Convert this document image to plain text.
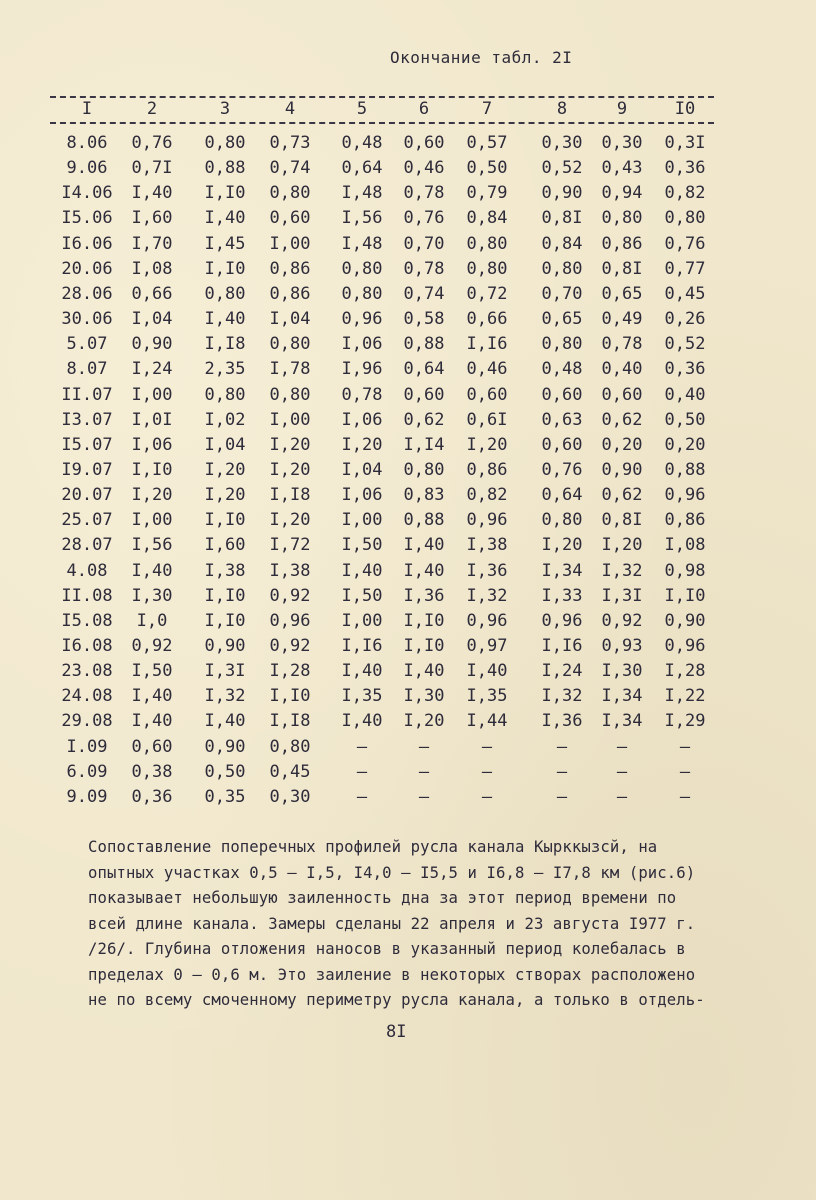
Окончание табл. 2I
I	2	3	4	5	6	7	8	9	I0
8.06	0,76	0,80	0,73	0,48	0,60	0,57	0,30	0,30	0,3I
9.06	0,7I	0,88	0,74	0,64	0,46	0,50	0,52	0,43	0,36
I4.06	I,40	I,I0	0,80	I,48	0,78	0,79	0,90	0,94	0,82
I5.06	I,60	I,40	0,60	I,56	0,76	0,84	0,8I	0,80	0,80
I6.06	I,70	I,45	I,00	I,48	0,70	0,80	0,84	0,86	0,76
20.06	I,08	I,I0	0,86	0,80	0,78	0,80	0,80	0,8I	0,77
28.06	0,66	0,80	0,86	0,80	0,74	0,72	0,70	0,65	0,45
30.06	I,04	I,40	I,04	0,96	0,58	0,66	0,65	0,49	0,26
5.07	0,90	I,I8	0,80	I,06	0,88	I,I6	0,80	0,78	0,52
8.07	I,24	2,35	I,78	I,96	0,64	0,46	0,48	0,40	0,36
II.07	I,00	0,80	0,80	0,78	0,60	0,60	0,60	0,60	0,40
I3.07	I,0I	I,02	I,00	I,06	0,62	0,6I	0,63	0,62	0,50
I5.07	I,06	I,04	I,20	I,20	I,I4	I,20	0,60	0,20	0,20
I9.07	I,I0	I,20	I,20	I,04	0,80	0,86	0,76	0,90	0,88
20.07	I,20	I,20	I,I8	I,06	0,83	0,82	0,64	0,62	0,96
25.07	I,00	I,I0	I,20	I,00	0,88	0,96	0,80	0,8I	0,86
28.07	I,56	I,60	I,72	I,50	I,40	I,38	I,20	I,20	I,08
4.08	I,40	I,38	I,38	I,40	I,40	I,36	I,34	I,32	0,98
II.08	I,30	I,I0	0,92	I,50	I,36	I,32	I,33	I,3I	I,I0
I5.08	I,0	I,I0	0,96	I,00	I,I0	0,96	0,96	0,92	0,90
I6.08	0,92	0,90	0,92	I,I6	I,I0	0,97	I,I6	0,93	0,96
23.08	I,50	I,3I	I,28	I,40	I,40	I,40	I,24	I,30	I,28
24.08	I,40	I,32	I,I0	I,35	I,30	I,35	I,32	I,34	I,22
29.08	I,40	I,40	I,I8	I,40	I,20	I,44	I,36	I,34	I,29
I.09	0,60	0,90	0,80	–	–	–	–	–	–
6.09	0,38	0,50	0,45	–	–	–	–	–	–
9.09	0,36	0,35	0,30	–	–	–	–	–	–
Сопоставление поперечных профилей русла канала Кырккызсй, на
опытных участках 0,5 – I,5, I4,0 – I5,5 и I6,8 – I7,8 км (рис.6)
показывает небольшую заиленность дна за этот период времени по
всей длине канала. Замеры сделаны 22 апреля и 23 августа I977 г.
/26/. Глубина отложения наносов в указанный период колебалась в
пределах 0 – 0,6 м. Это заиление в некоторых створах расположено
не по всему смоченному периметру русла канала, а только в отдель-
8I
